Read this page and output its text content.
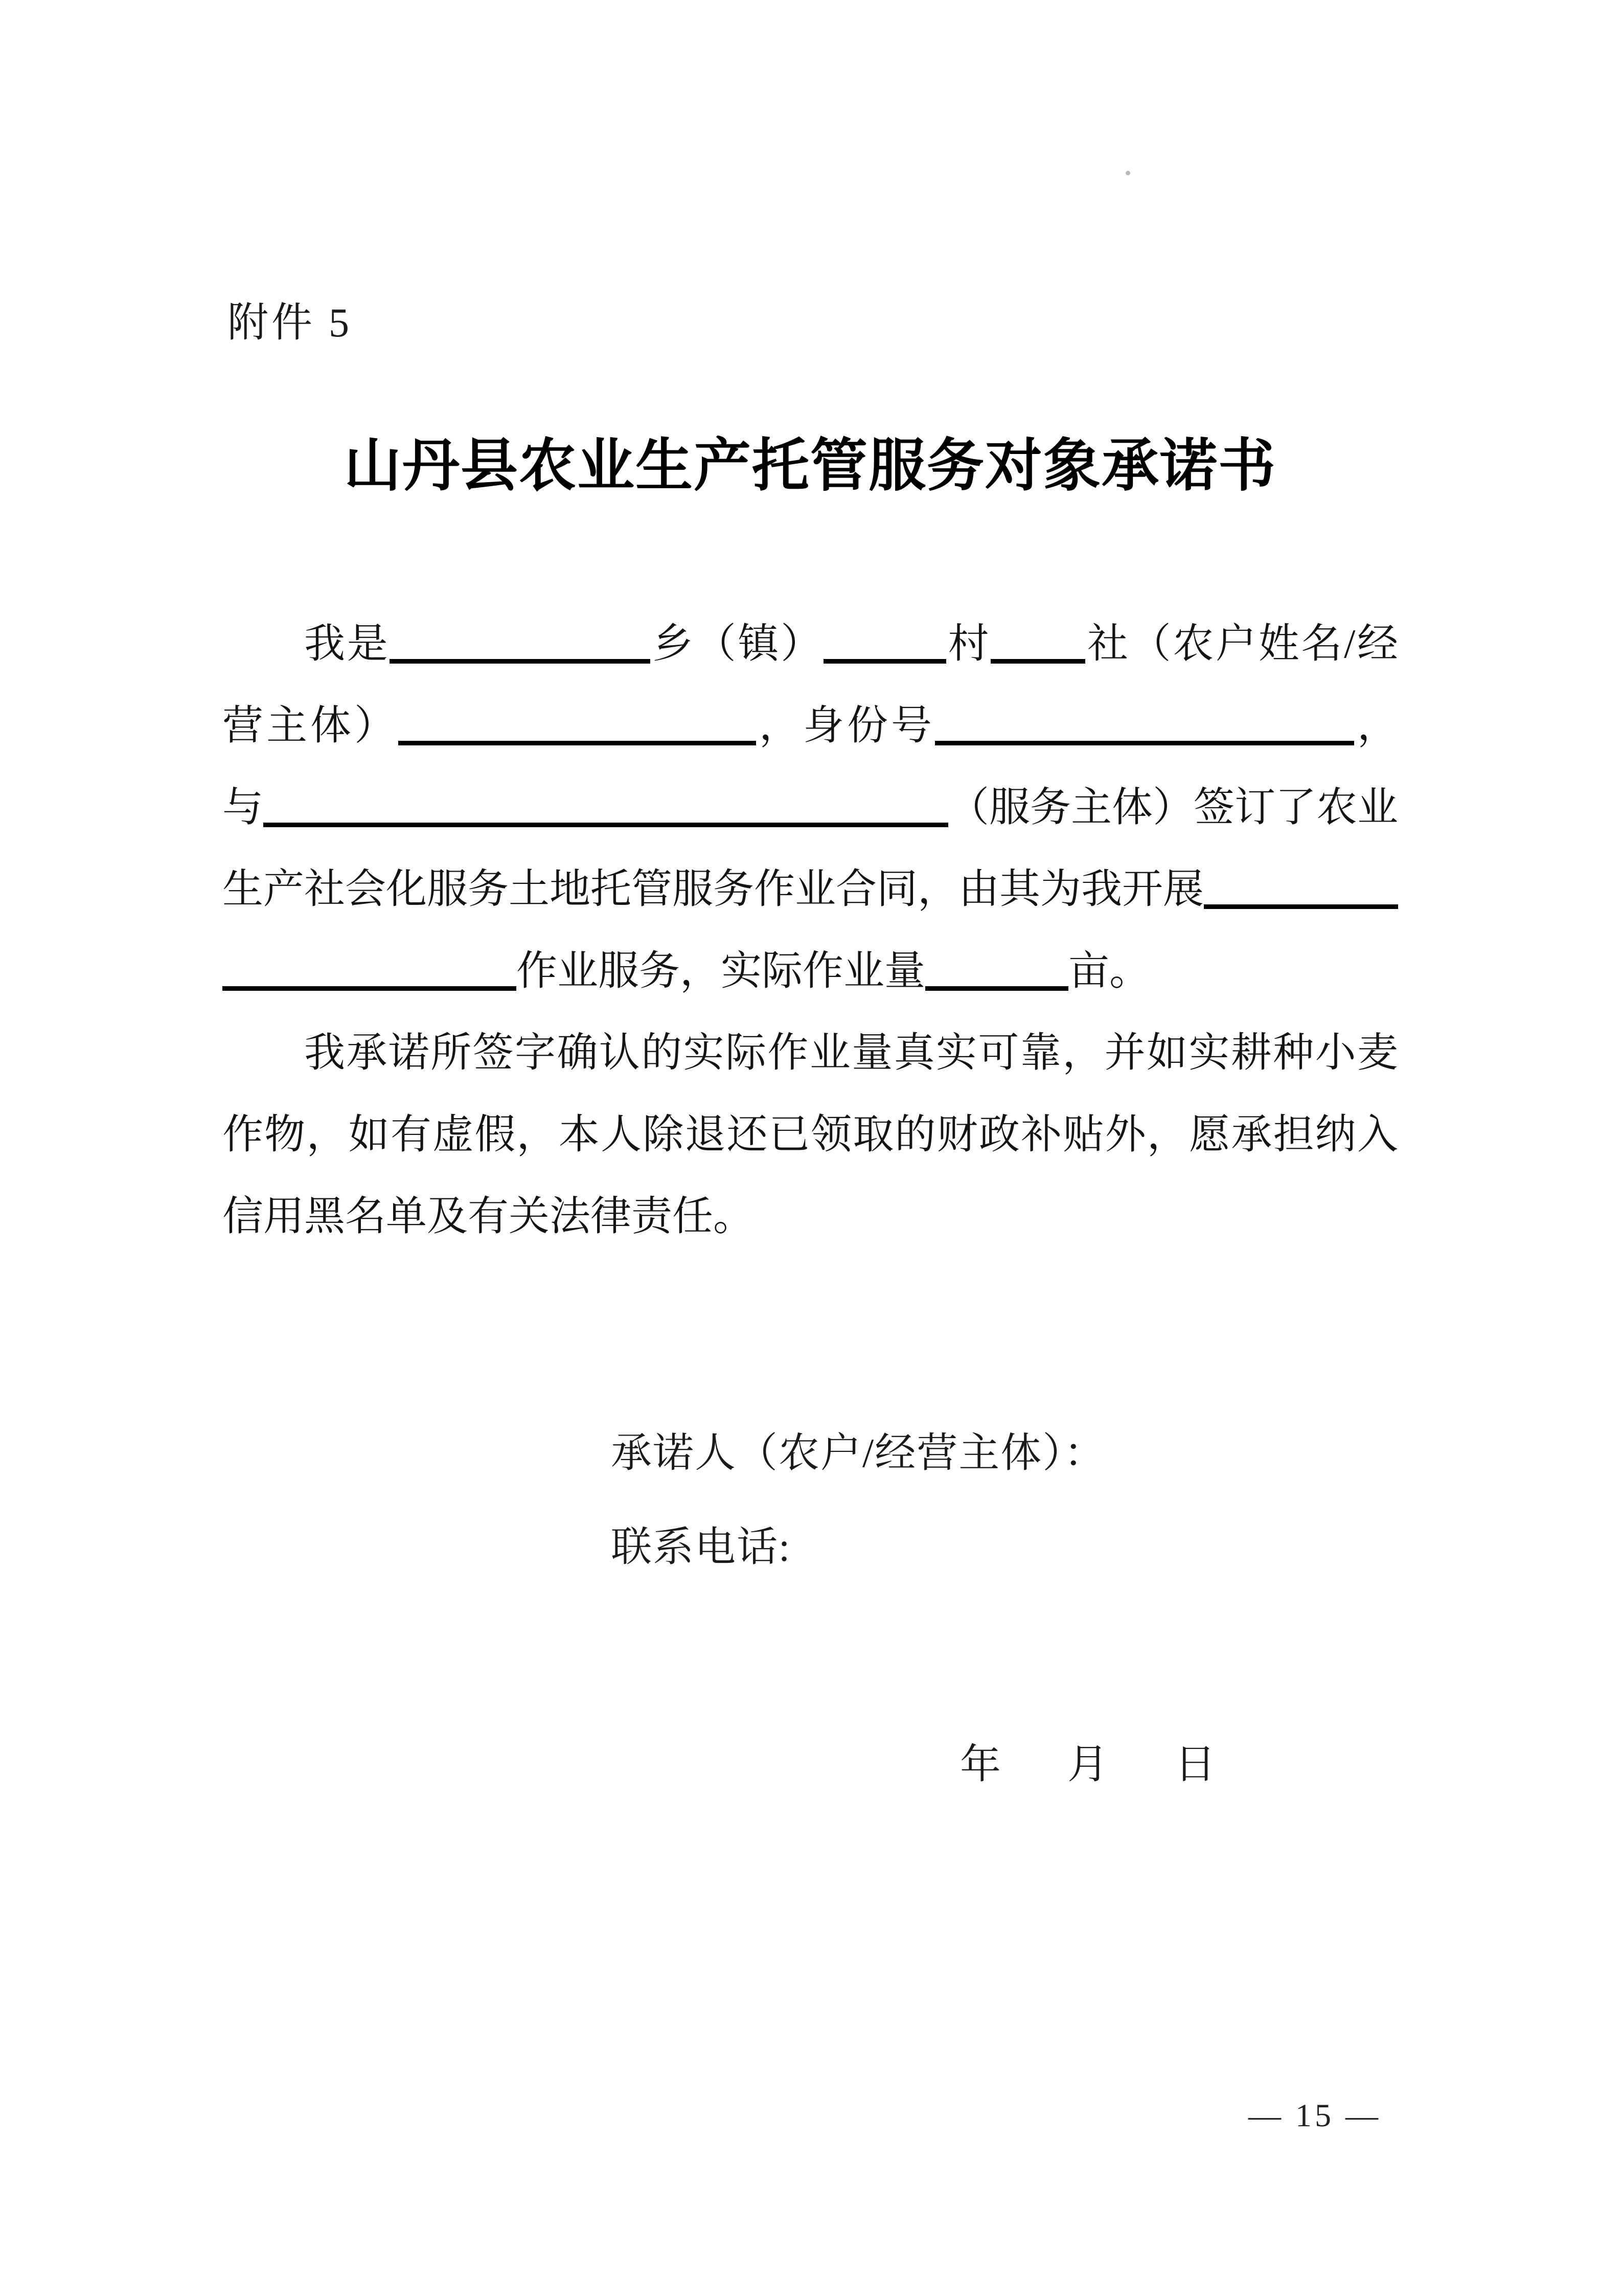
附件 5
山丹县农业生产托管服务对象承诺书
我是	乡（镇）	村 社（农户姓名/经
营主体）	，身份号	，
与	（服务主体）签订了农业
生产社会化服务土地托管服务作业合同，由其为我开展
作业服务，实际作业量	亩。
我承诺所签字确认的实际作业量真实可靠，并如实耕种小麦
作物，如有虚假，本人除退还已领取的财政补贴外，愿承担纳入
信用黑名单及有关法律责任。
承诺人（农户/经营主体）：
联系电话:
年 月 日
— 15 —
